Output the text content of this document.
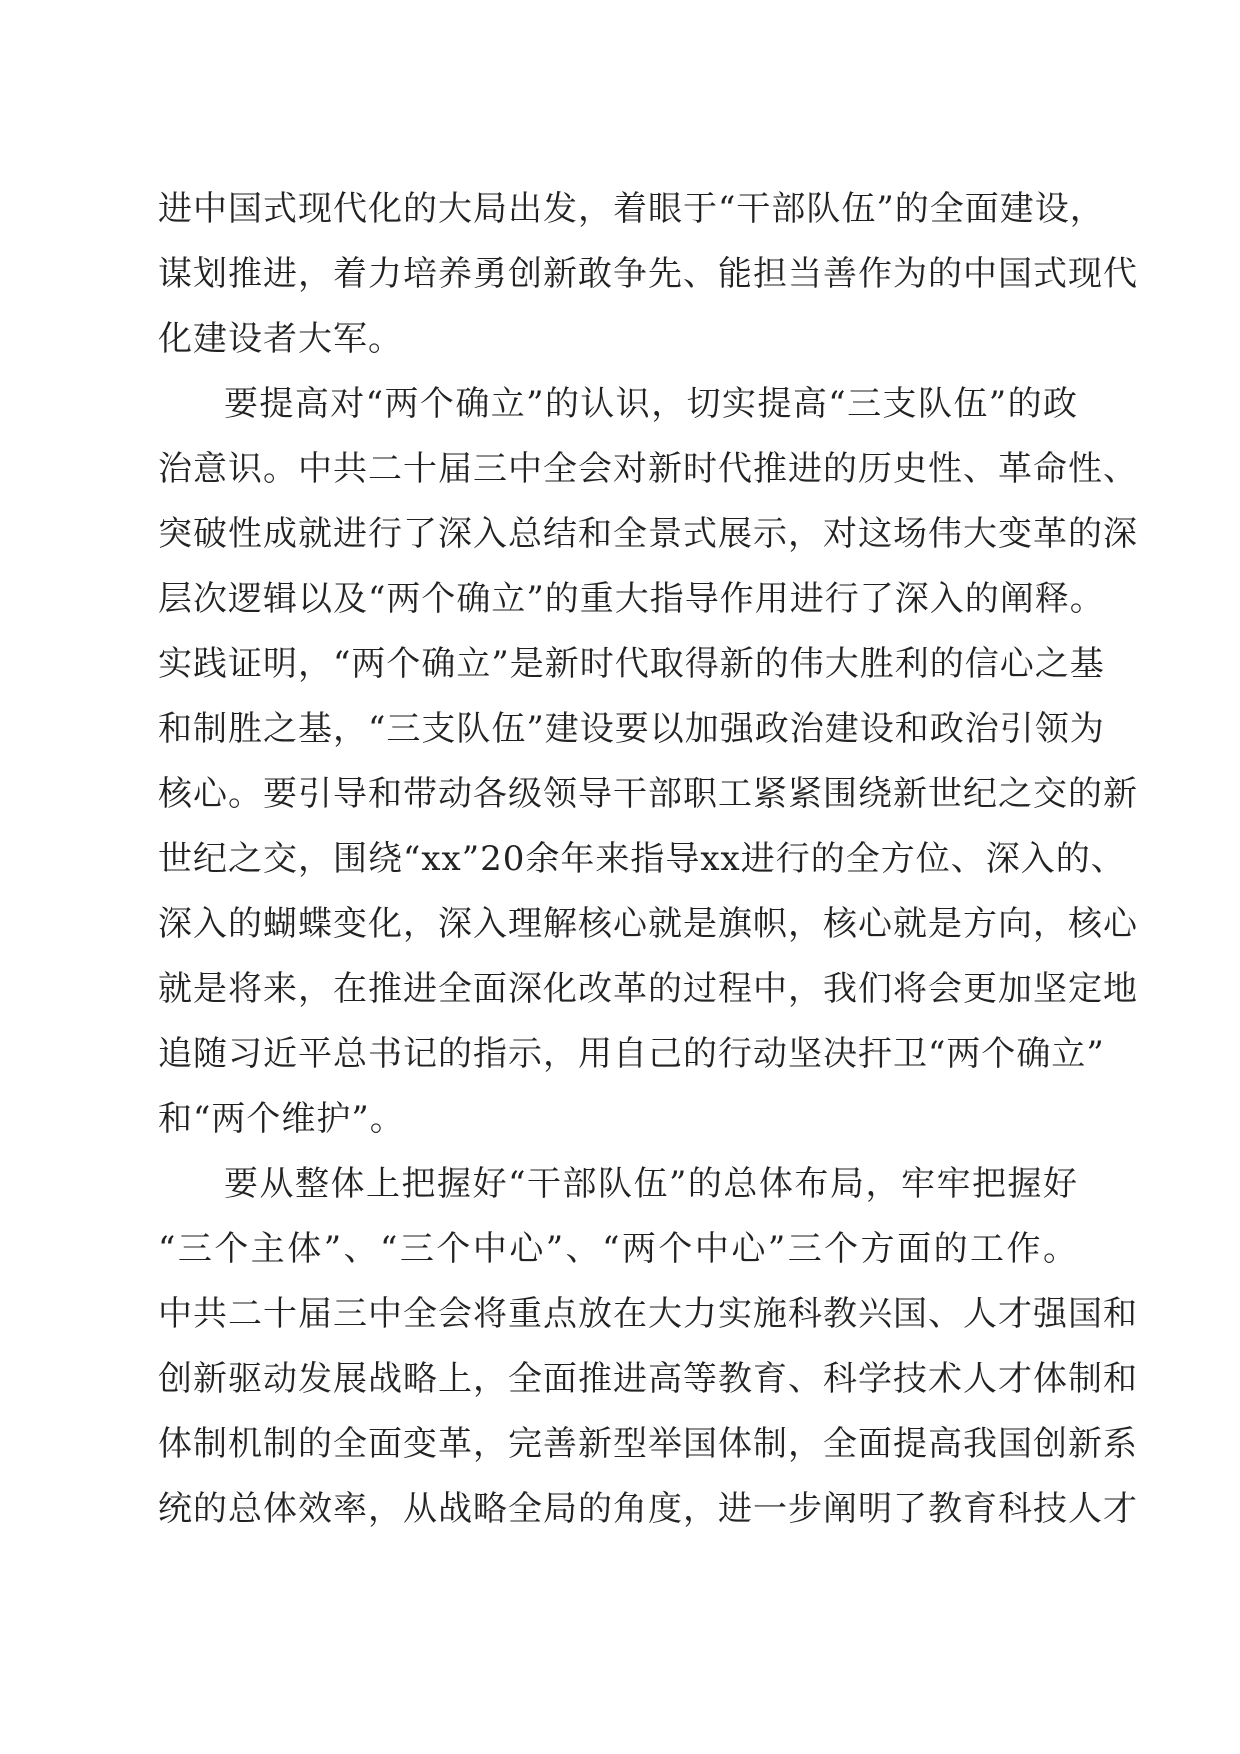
进中国式现代化的大局出发，着眼于“干部队伍”的全面建设，
谋划推进，着力培养勇创新敢争先、能担当善作为的中国式现代
化建设者大军。
要提高对“两个确立”的认识，切实提高“三支队伍”的政
治意识。中共二十届三中全会对新时代推进的历史性、革命性、
突破性成就进行了深入总结和全景式展示，对这场伟大变革的深
层次逻辑以及“两个确立”的重大指导作用进行了深入的阐释。
实践证明，“两个确立”是新时代取得新的伟大胜利的信心之基
和制胜之基，“三支队伍”建设要以加强政治建设和政治引领为
核心。要引导和带动各级领导干部职工紧紧围绕新世纪之交的新
世纪之交，围绕“xx”20余年来指导xx进行的全方位、深入的、
深入的蝴蝶变化，深入理解核心就是旗帜，核心就是方向，核心
就是将来，在推进全面深化改革的过程中，我们将会更加坚定地
追随习近平总书记的指示，用自己的行动坚决扞卫“两个确立”
和“两个维护”。
要从整体上把握好“干部队伍”的总体布局，牢牢把握好
“三个主体”、“三个中心”、“两个中心”三个方面的工作。
中共二十届三中全会将重点放在大力实施科教兴国、人才强国和
创新驱动发展战略上，全面推进高等教育、科学技术人才体制和
体制机制的全面变革，完善新型举国体制，全面提高我国创新系
统的总体效率，从战略全局的角度，进一步阐明了教育科技人才
